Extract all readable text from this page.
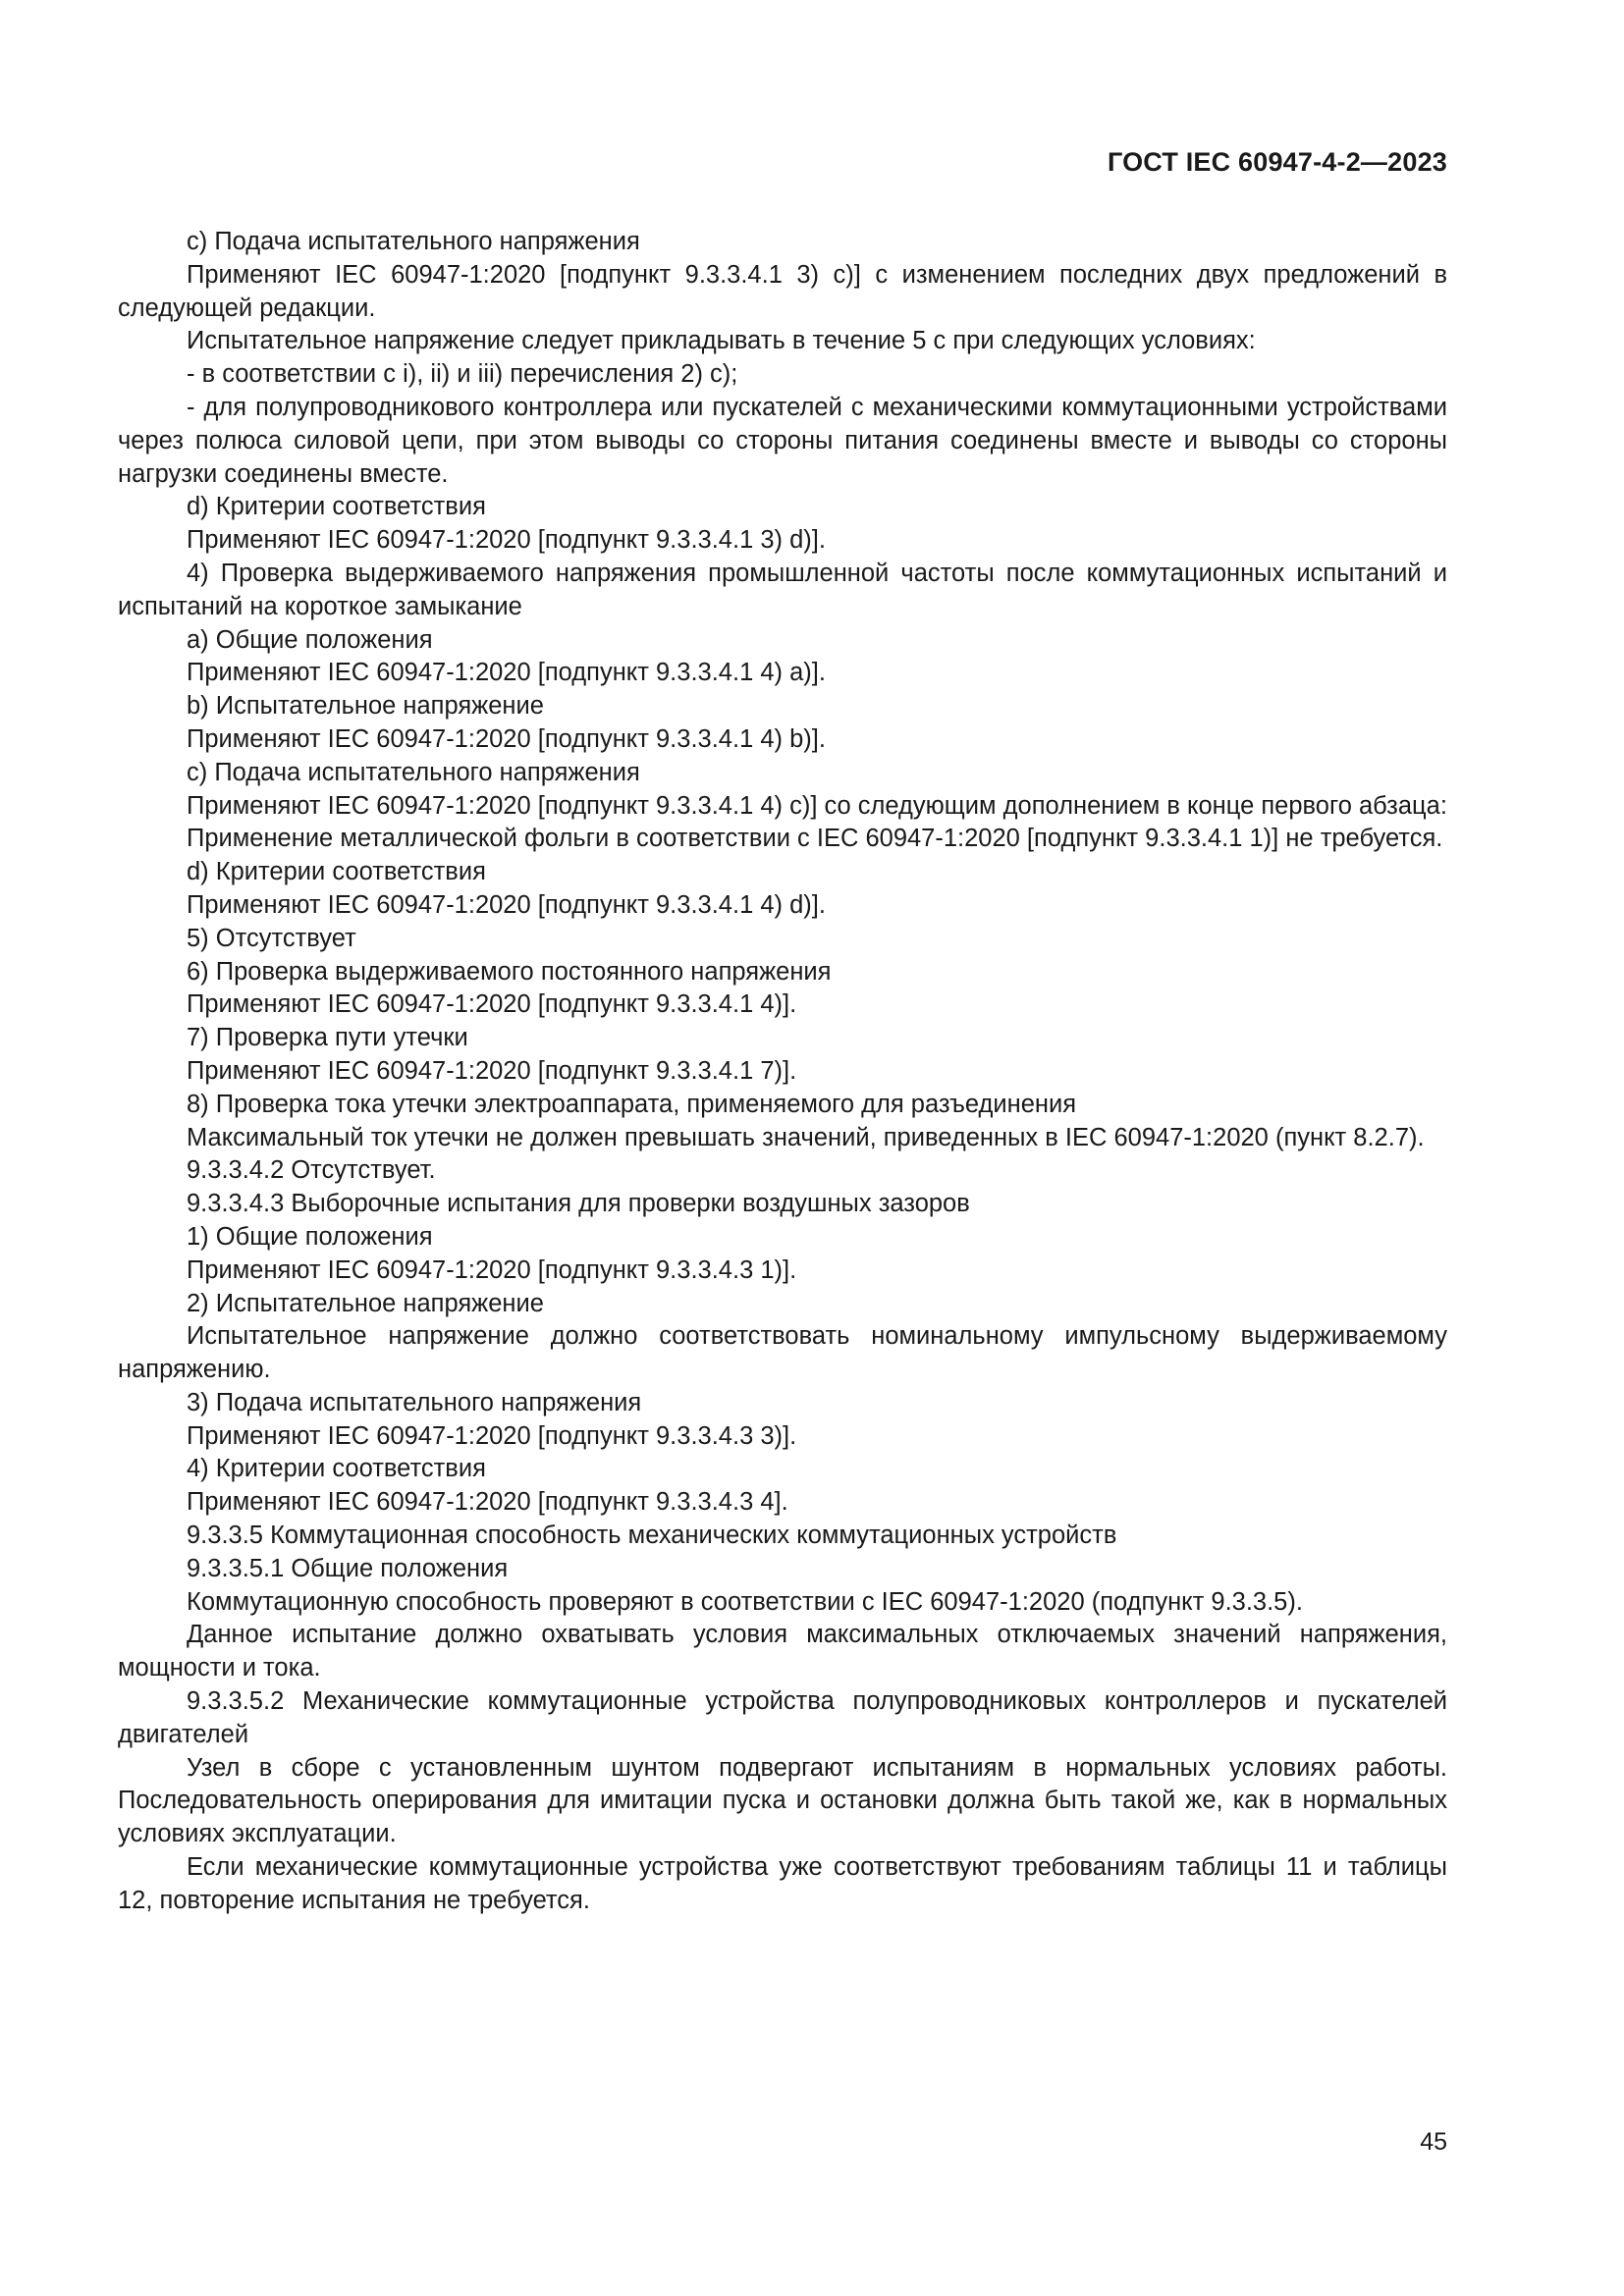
ГОСТ IEC 60947-4-2—2023

c) Подача испытательного напряжения

Применяют IEC 60947-1:2020 [подпункт 9.3.3.4.1 3) c)] с изменением последних двух предложений в следующей редакции.

Испытательное напряжение следует прикладывать в течение 5 с при следующих условиях:

- в соответствии с i), ii) и iii) перечисления 2) c);

- для полупроводникового контроллера или пускателей с механическими коммутационными устройствами через полюса силовой цепи, при этом выводы со стороны питания соединены вместе и выводы со стороны нагрузки соединены вместе.

d) Критерии соответствия

Применяют IEC 60947-1:2020 [подпункт 9.3.3.4.1 3) d)].

4) Проверка выдерживаемого напряжения промышленной частоты после коммутационных испытаний и испытаний на короткое замыкание

a) Общие положения

Применяют IEC 60947-1:2020 [подпункт 9.3.3.4.1 4) a)].

b) Испытательное напряжение

Применяют IEC 60947-1:2020 [подпункт 9.3.3.4.1 4) b)].

c) Подача испытательного напряжения

Применяют IEC 60947-1:2020 [подпункт 9.3.3.4.1 4) c)] со следующим дополнением в конце первого абзаца:

Применение металлической фольги в соответствии с IEC 60947-1:2020 [подпункт 9.3.3.4.1 1)] не требуется.

d) Критерии соответствия

Применяют IEC 60947-1:2020 [подпункт 9.3.3.4.1 4) d)].

5) Отсутствует

6) Проверка выдерживаемого постоянного напряжения

Применяют IEC 60947-1:2020 [подпункт 9.3.3.4.1 4)].

7) Проверка пути утечки

Применяют IEC 60947-1:2020 [подпункт 9.3.3.4.1 7)].

8) Проверка тока утечки электроаппарата, применяемого для разъединения

Максимальный ток утечки не должен превышать значений, приведенных в IEC 60947-1:2020 (пункт 8.2.7).

9.3.3.4.2 Отсутствует.

9.3.3.4.3 Выборочные испытания для проверки воздушных зазоров

1) Общие положения

Применяют IEC 60947-1:2020 [подпункт 9.3.3.4.3 1)].

2) Испытательное напряжение

Испытательное напряжение должно соответствовать номинальному импульсному выдерживаемому напряжению.

3) Подача испытательного напряжения

Применяют IEC 60947-1:2020 [подпункт 9.3.3.4.3 3)].

4) Критерии соответствия

Применяют IEC 60947-1:2020 [подпункт 9.3.3.4.3 4].

9.3.3.5 Коммутационная способность механических коммутационных устройств

9.3.3.5.1 Общие положения

Коммутационную способность проверяют в соответствии с IEC 60947-1:2020 (подпункт 9.3.3.5).

Данное испытание должно охватывать условия максимальных отключаемых значений напряжения, мощности и тока.

9.3.3.5.2 Механические коммутационные устройства полупроводниковых контроллеров и пускателей двигателей

Узел в сборе с установленным шунтом подвергают испытаниям в нормальных условиях работы. Последовательность оперирования для имитации пуска и остановки должна быть такой же, как в нормальных условиях эксплуатации.

Если механические коммутационные устройства уже соответствуют требованиям таблицы 11 и таблицы 12, повторение испытания не требуется.

45
